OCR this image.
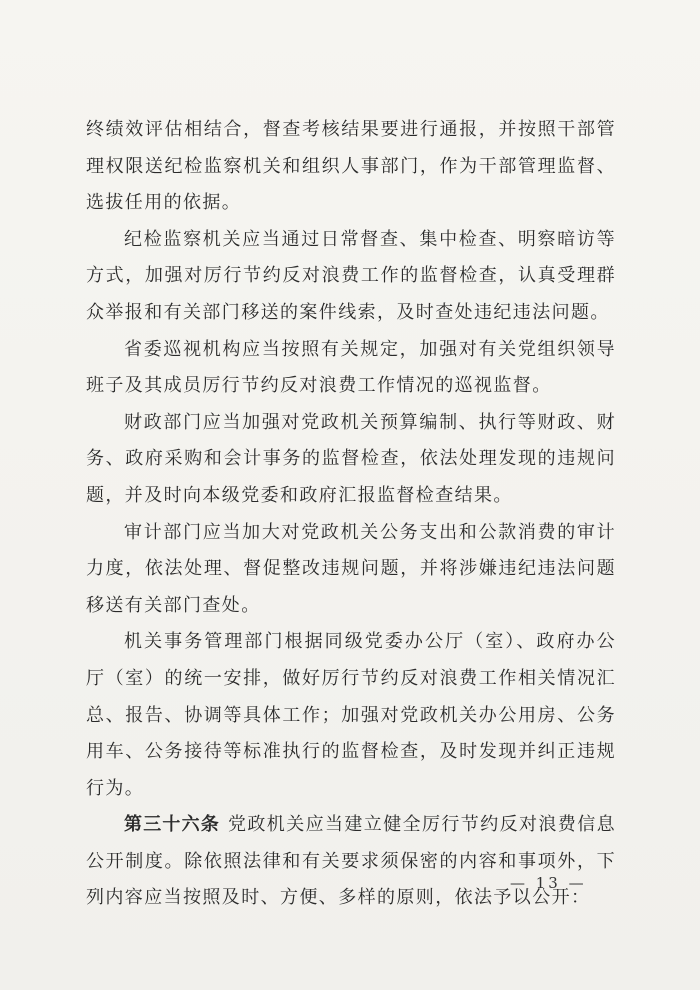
终绩效评估相结合，督查考核结果要进行通报，并按照干部管理权限送纪检监察机关和组织人事部门，作为干部管理监督、选拔任用的依据。

纪检监察机关应当通过日常督查、集中检查、明察暗访等方式，加强对厉行节约反对浪费工作的监督检查，认真受理群众举报和有关部门移送的案件线索，及时查处违纪违法问题。

省委巡视机构应当按照有关规定，加强对有关党组织领导班子及其成员厉行节约反对浪费工作情况的巡视监督。

财政部门应当加强对党政机关预算编制、执行等财政、财务、政府采购和会计事务的监督检查，依法处理发现的违规问题，并及时向本级党委和政府汇报监督检查结果。

审计部门应当加大对党政机关公务支出和公款消费的审计力度，依法处理、督促整改违规问题，并将涉嫌违纪违法问题移送有关部门查处。

机关事务管理部门根据同级党委办公厅（室）、政府办公厅（室）的统一安排，做好厉行节约反对浪费工作相关情况汇总、报告、协调等具体工作；加强对党政机关办公用房、公务用车、公务接待等标准执行的监督检查，及时发现并纠正违规行为。

第三十六条 党政机关应当建立健全厉行节约反对浪费信息公开制度。除依照法律和有关要求须保密的内容和事项外，下列内容应当按照及时、方便、多样的原则，依法予以公开：

— 13 —
